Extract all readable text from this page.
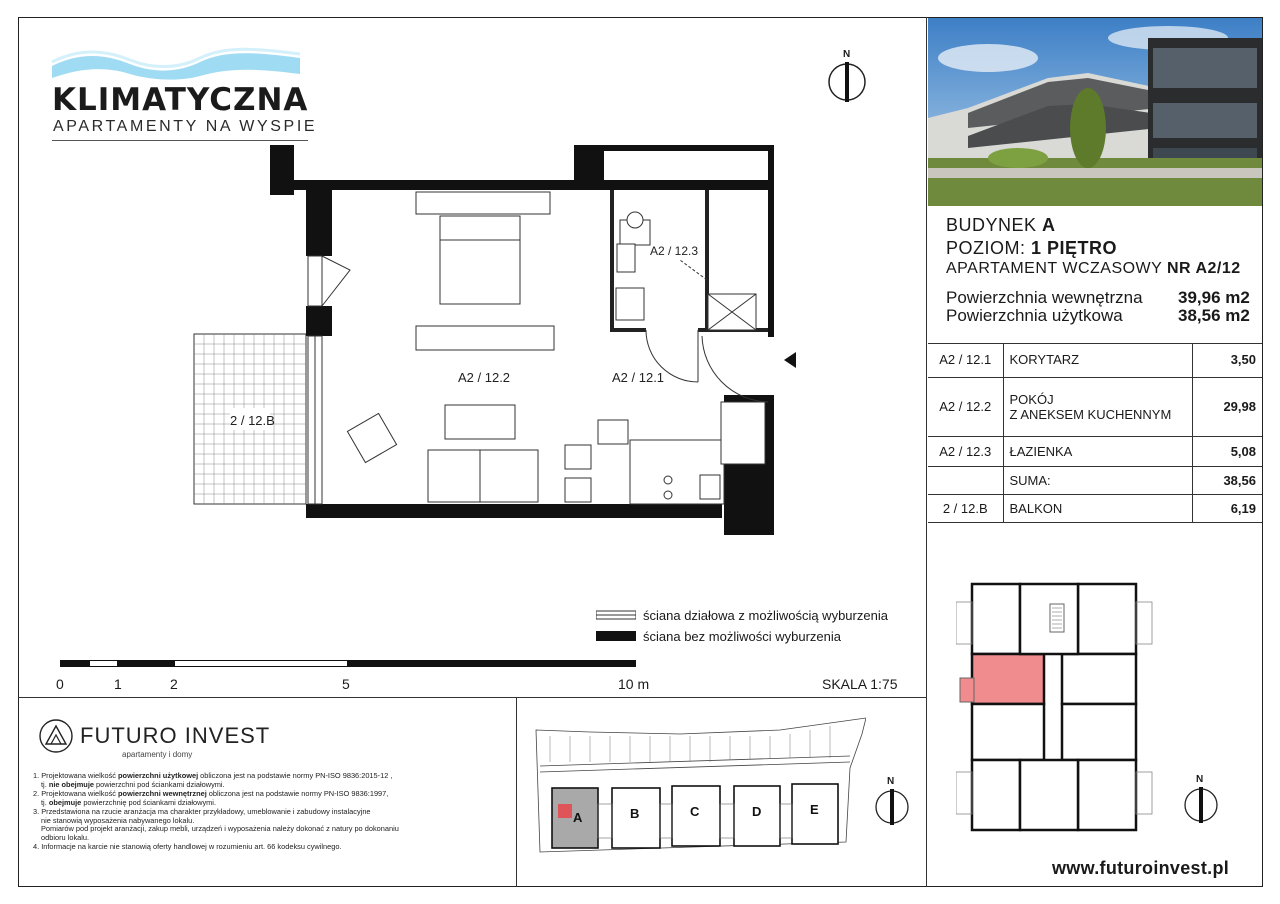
KLIMATYCZNA
APARTAMENTY NA WYSPIE
N
A2 / 12.3
A2 / 12.2	A2 / 12.1
2 / 12.B
ściana działowa z możliwością wyburzenia
ściana bez możliwości wyburzenia
0	1	2	5	10 m	SKALA 1:75
BUDYNEK A
POZIOM: 1 PIĘTRO
APARTAMENT WCZASOWY NR A2/12
Powierzchnia wewnętrzna 39,96 m2
Powierzchnia użytkowa	38,56 m2
A2 / 12.1	KORYTARZ	3,50
A2 / 12.2	POKÓJ
Z ANEKSEM KUCHENNYM	29,98
A2 / 12.3	ŁAZIENKA	5,08
	SUMA:	38,56
2 / 12.B	BALKON	6,19
N
www.futuroinvest.pl
FUTURO INVEST
apartamenty i domy
1. Projektowana wielkość powierzchni użytkowej obliczona jest na podstawie normy PN-ISO 9836:2015-12 ,
tj. nie obejmuje powierzchni pod ściankami działowymi.
2. Projektowana wielkość powierzchni wewnętrznej obliczona jest na podstawie normy PN-ISO 9836:1997,
tj. obejmuje powierzchnię pod ściankami działowymi.
3. Przedstawiona na rzucie aranżacja ma charakter przykładowy, umeblowanie i zabudowy instalacyjne
nie stanowią wyposażenia nabywanego lokalu.
Pomiarów pod projekt aranżacji, zakup mebli, urządzeń i wyposażenia należy dokonać z natury po dokonaniu
odbioru lokalu.
4. Informacje na karcie nie stanowią oferty handlowej w rozumieniu art. 66 kodeksu cywilnego.
A	B	C	D	E
N
